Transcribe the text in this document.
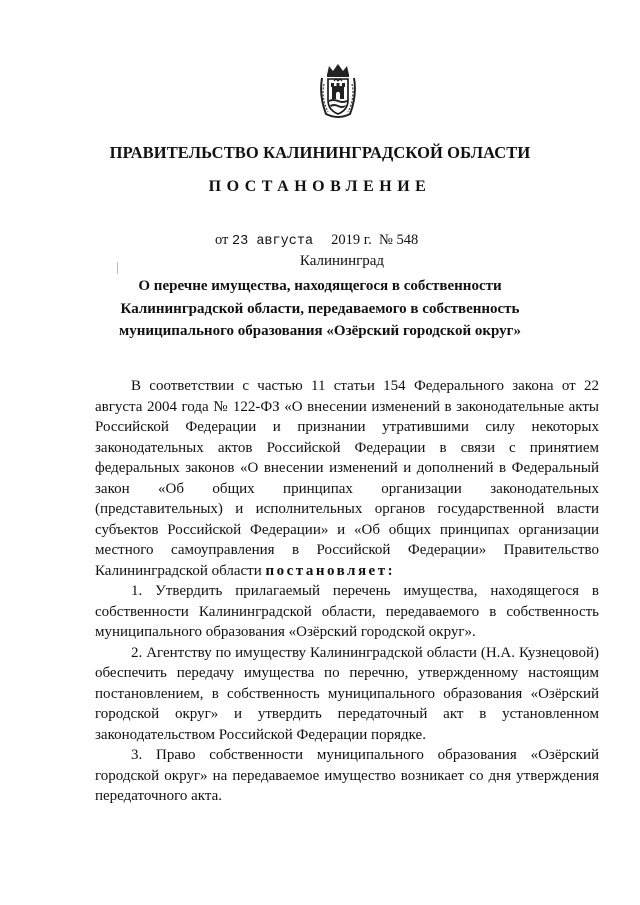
ПРАВИТЕЛЬСТВО КАЛИНИНГРАДСКОЙ ОБЛАСТИ
ПОСТАНОВЛЕНИЕ
от 23 августа 2019 г. № 548
Калининград
О перечне имущества, находящегося в собственности
Калининградской области, передаваемого в собственность
муниципального образования «Озёрский городской округ»

В соответствии с частью 11 статьи 154 Федерального закона от 22 августа 2004 года № 122-ФЗ «О внесении изменений в законодательные акты Российской Федерации и признании утратившими силу некоторых законодательных актов Российской Федерации в связи с принятием федеральных законов «О внесении изменений и дополнений в Федеральный закон «Об общих принципах организации законодательных (представительных) и исполнительных органов государственной власти субъектов Российской Федерации» и «Об общих принципах организации местного самоуправления в Российской Федерации» Правительство Калининградской области постановляет:

1. Утвердить прилагаемый перечень имущества, находящегося в собственности Калининградской области, передаваемого в собственность муниципального образования «Озёрский городской округ».

2. Агентству по имуществу Калининградской области (Н.А. Кузнецовой) обеспечить передачу имущества по перечню, утвержденному настоящим постановлением, в собственность муниципального образования «Озёрский городской округ» и утвердить передаточный акт в установленном законодательством Российской Федерации порядке.

3. Право собственности муниципального образования «Озёрский городской округ» на передаваемое имущество возникает со дня утверждения передаточного акта.
